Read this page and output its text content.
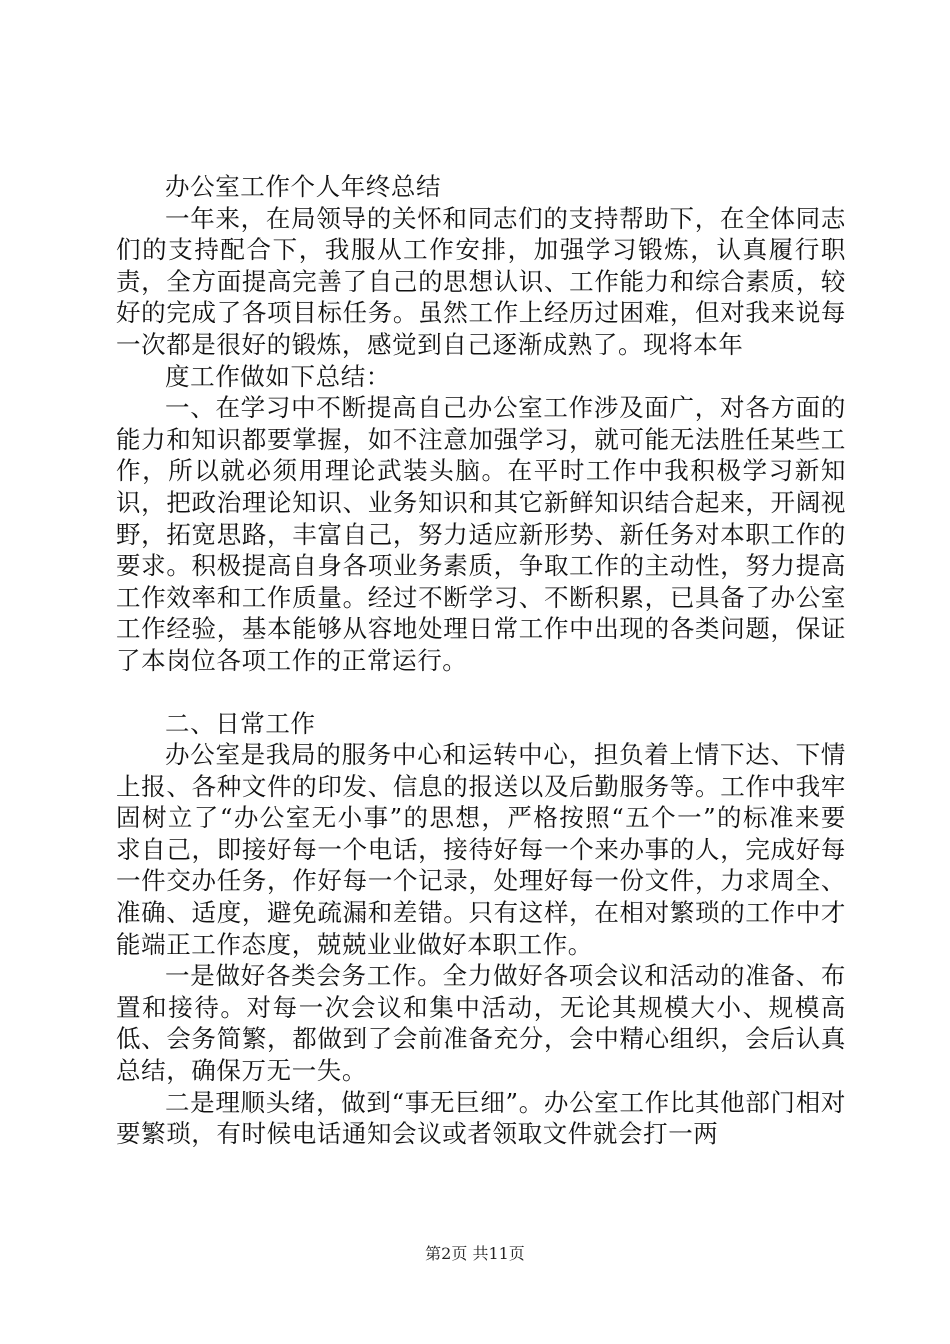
办公室工作个人年终总结

一年来，在局领导的关怀和同志们的支持帮助下，在全体同志们的支持配合下，我服从工作安排，加强学习锻炼，认真履行职责，全方面提高完善了自己的思想认识、工作能力和综合素质，较好的完成了各项目标任务。虽然工作上经历过困难，但对我来说每一次都是很好的锻炼，感觉到自己逐渐成熟了。现将本年

度工作做如下总结：

一、在学习中不断提高自己办公室工作涉及面广，对各方面的能力和知识都要掌握，如不注意加强学习，就可能无法胜任某些工作，所以就必须用理论武装头脑。在平时工作中我积极学习新知识，把政治理论知识、业务知识和其它新鲜知识结合起来，开阔视野，拓宽思路，丰富自己，努力适应新形势、新任务对本职工作的要求。积极提高自身各项业务素质，争取工作的主动性，努力提高工作效率和工作质量。经过不断学习、不断积累，已具备了办公室工作经验，基本能够从容地处理日常工作中出现的各类问题，保证了本岗位各项工作的正常运行。

二、日常工作

办公室是我局的服务中心和运转中心，担负着上情下达、下情上报、各种文件的印发、信息的报送以及后勤服务等。工作中我牢固树立了“办公室无小事”的思想，严格按照“五个一”的标准来要求自己，即接好每一个电话，接待好每一个来办事的人，完成好每一件交办任务，作好每一个记录，处理好每一份文件，力求周全、准确、适度，避免疏漏和差错。只有这样，在相对繁琐的工作中才能端正工作态度，兢兢业业做好本职工作。

一是做好各类会务工作。全力做好各项会议和活动的准备、布置和接待。对每一次会议和集中活动，无论其规模大小、规模高低、会务简繁，都做到了会前准备充分，会中精心组织，会后认真总结，确保万无一失。

二是理顺头绪，做到“事无巨细”。办公室工作比其他部门相对要繁琐，有时候电话通知会议或者领取文件就会打一两

第2页 共11页
